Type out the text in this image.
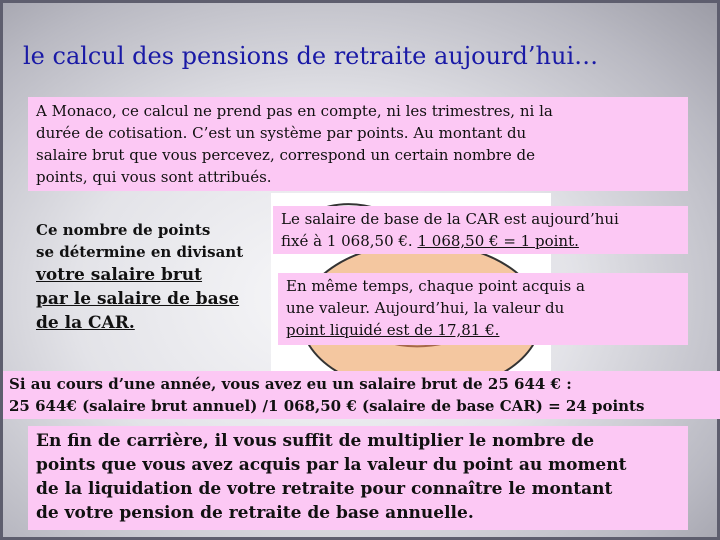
le calcul des pensions de retraite aujourd’hui…
A Monaco, ce calcul ne prend pas en compte, ni les trimestres, ni la
durée de cotisation. C’est un système par points. Au montant du
salaire brut que vous percevez, correspond un certain nombre de
points, qui vous sont attribués.
Le salaire de base de la CAR est aujourd’hui
fixé à 1 068,50 €. 1 068,50 € = 1 point.
En même temps, chaque point acquis a
une valeur. Aujourd’hui, la valeur du
point liquidé est de 17,81 €.
Ce nombre de points
se détermine en divisant
votre salaire brut
par le salaire de base
de la CAR.
Si au cours d’une année, vous avez eu un salaire brut de 25 644 € :
25 644€ (salaire brut annuel) /1 068,50 € (salaire de base CAR) = 24 points
En fin de carrière, il vous suffit de multiplier le nombre de
points que vous avez acquis par la valeur du point au moment
de la liquidation de votre retraite pour connaître le montant
de votre pension de retraite de base annuelle.
